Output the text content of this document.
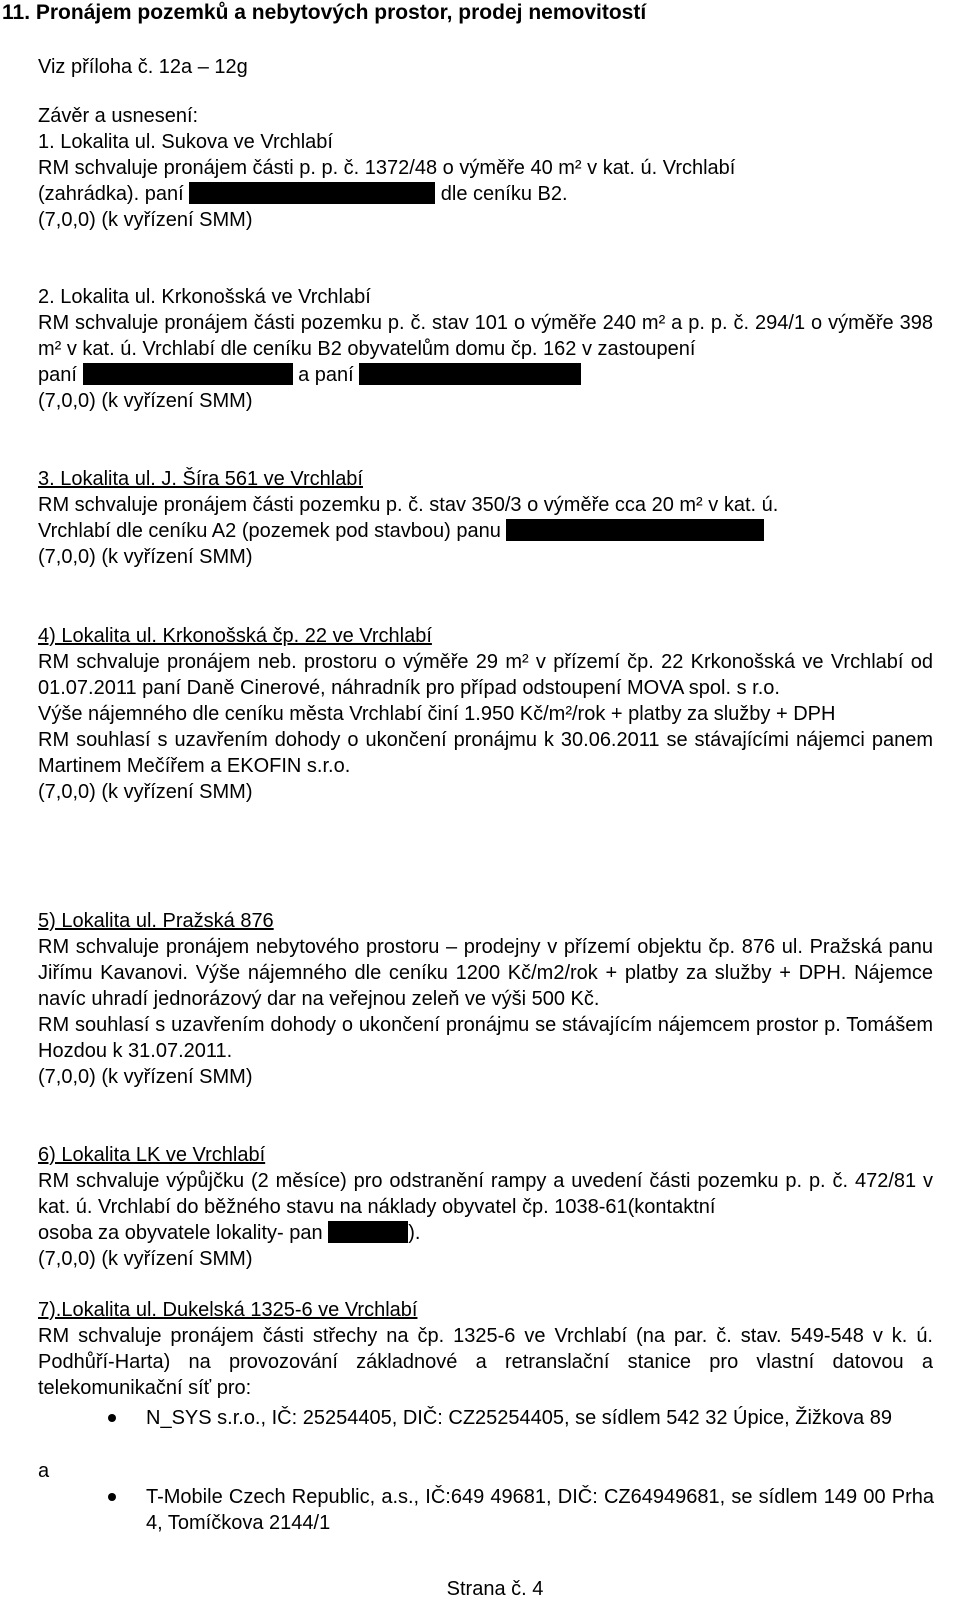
11. Pronájem pozemků a nebytových prostor, prodej nemovitostí
Viz příloha č. 12a – 12g
Závěr a usnesení:
1. Lokalita ul. Sukova ve Vrchlabí
RM schvaluje pronájem části p. p. č. 1372/48 o výměře 40 m² v kat. ú. Vrchlabí
(zahrádka). paní	dle ceníku B2.
(7,0,0) (k vyřízení SMM)
2. Lokalita ul. Krkonošská ve Vrchlabí
RM schvaluje pronájem části pozemku p. č. stav 101 o výměře 240 m² a p. p. č. 294/1 o výměře 398 m² v kat. ú. Vrchlabí dle ceníku B2 obyvatelům domu čp. 162 v zastoupení
paní	a paní
(7,0,0) (k vyřízení SMM)
3. Lokalita ul. J. Šíra 561 ve Vrchlabí
RM schvaluje pronájem části pozemku p. č. stav 350/3 o výměře cca 20 m² v kat. ú.
Vrchlabí dle ceníku A2 (pozemek pod stavbou) panu
(7,0,0) (k vyřízení SMM)
4) Lokalita ul. Krkonošská čp. 22 ve Vrchlabí
RM schvaluje pronájem neb. prostoru o výměře 29 m² v přízemí čp. 22 Krkonošská ve Vrchlabí od 01.07.2011 paní Daně Cinerové, náhradník pro případ odstoupení MOVA spol. s r.o.
Výše nájemného dle ceníku města Vrchlabí činí 1.950 Kč/m²/rok + platby za služby + DPH
RM souhlasí s uzavřením dohody o ukončení pronájmu k 30.06.2011 se stávajícími nájemci panem Martinem Mečířem a EKOFIN s.r.o.
(7,0,0) (k vyřízení SMM)
5) Lokalita ul. Pražská 876
RM schvaluje pronájem nebytového prostoru – prodejny v přízemí objektu čp. 876 ul. Pražská panu Jiřímu Kavanovi. Výše nájemného dle ceníku 1200 Kč/m2/rok + platby za služby + DPH. Nájemce navíc uhradí jednorázový dar na veřejnou zeleň ve výši 500 Kč.
RM souhlasí s uzavřením dohody o ukončení pronájmu se stávajícím nájemcem prostor p. Tomášem Hozdou k 31.07.2011.
(7,0,0) (k vyřízení SMM)
6) Lokalita LK ve Vrchlabí
RM schvaluje výpůjčku (2 měsíce) pro odstranění rampy a uvedení části pozemku p. p. č. 472/81 v kat. ú. Vrchlabí do běžného stavu na náklady obyvatel čp. 1038-61(kontaktní
osoba za obyvatele lokality- pan	).
(7,0,0) (k vyřízení SMM)
7).Lokalita ul. Dukelská 1325-6 ve Vrchlabí
RM schvaluje pronájem části střechy na čp. 1325-6 ve Vrchlabí (na par. č. stav. 549-548 v k. ú. Podhůří-Harta) na provozování základnové a retranslační stanice pro vlastní datovou a telekomunikační síť pro:
N_SYS s.r.o., IČ: 25254405, DIČ: CZ25254405, se sídlem 542 32 Úpice, Žižkova 89
a
T-Mobile Czech Republic, a.s., IČ:649 49681, DIČ: CZ64949681, se sídlem 149 00 Prha 4, Tomíčkova 2144/1
Strana č. 4
